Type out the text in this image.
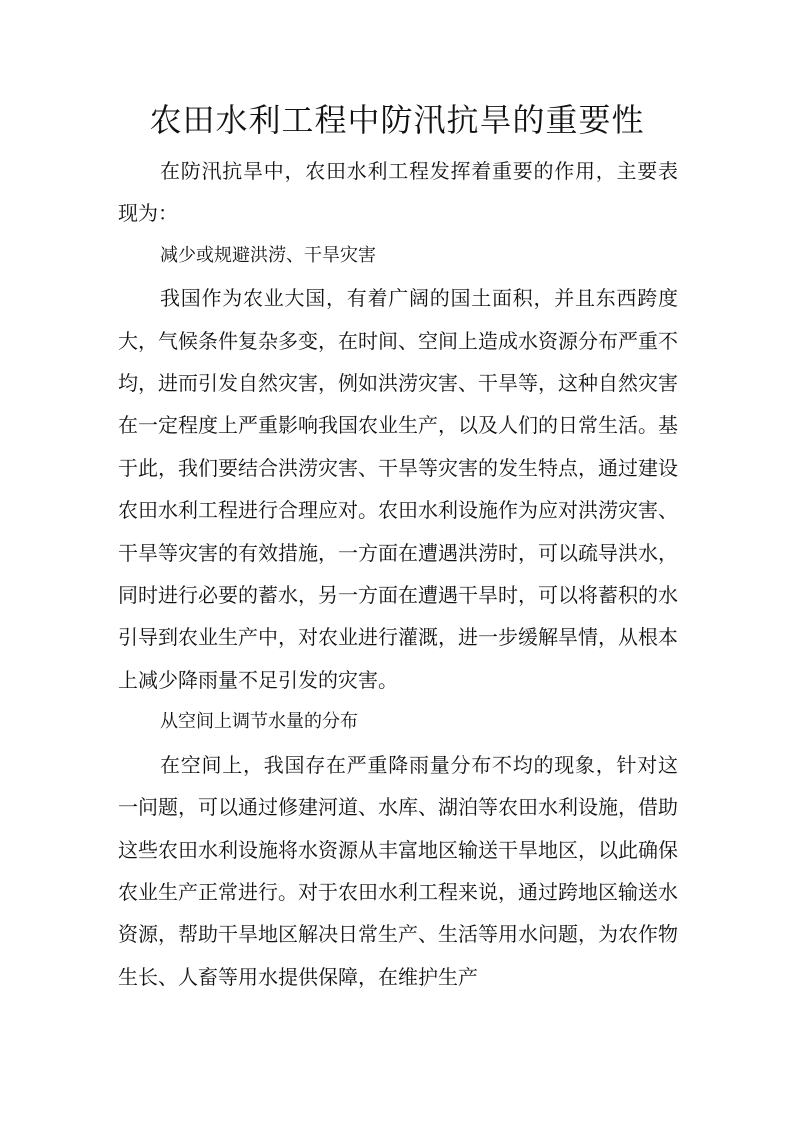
农田水利工程中防汛抗旱的重要性

在防汛抗旱中，农田水利工程发挥着重要的作用，主要表现为：

减少或规避洪涝、干旱灾害

我国作为农业大国，有着广阔的国土面积，并且东西跨度大，气候条件复杂多变，在时间、空间上造成水资源分布严重不均，进而引发自然灾害，例如洪涝灾害、干旱等，这种自然灾害在一定程度上严重影响我国农业生产，以及人们的日常生活。基于此，我们要结合洪涝灾害、干旱等灾害的发生特点，通过建设农田水利工程进行合理应对。农田水利设施作为应对洪涝灾害、干旱等灾害的有效措施，一方面在遭遇洪涝时，可以疏导洪水，同时进行必要的蓄水，另一方面在遭遇干旱时，可以将蓄积的水引导到农业生产中，对农业进行灌溉，进一步缓解旱情，从根本上减少降雨量不足引发的灾害。

从空间上调节水量的分布

在空间上，我国存在严重降雨量分布不均的现象，针对这一问题，可以通过修建河道、水库、湖泊等农田水利设施，借助这些农田水利设施将水资源从丰富地区输送干旱地区，以此确保农业生产正常进行。对于农田水利工程来说，通过跨地区输送水资源，帮助干旱地区解决日常生产、生活等用水问题，为农作物生长、人畜等用水提供保障，在维护生产
